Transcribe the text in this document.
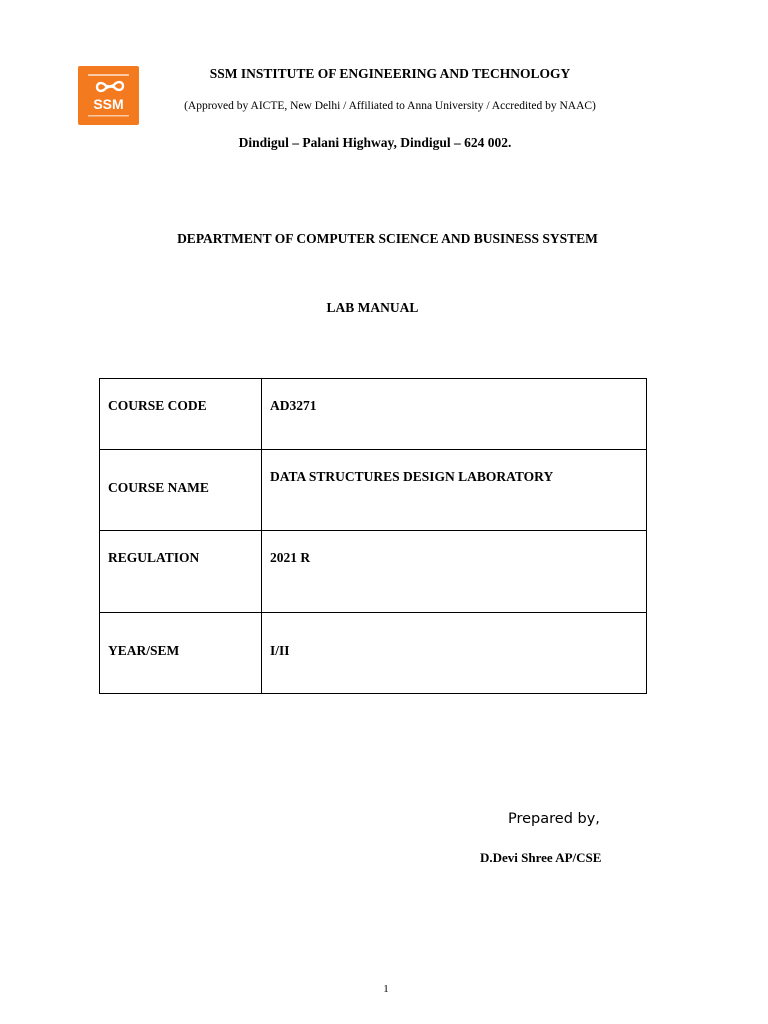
SSM
SSM INSTITUTE OF ENGINEERING AND TECHNOLOGY
(Approved by AICTE, New Delhi / Affiliated to Anna University / Accredited by NAAC)
Dindigul – Palani Highway, Dindigul – 624 002.
DEPARTMENT OF COMPUTER SCIENCE AND BUSINESS SYSTEM
LAB MANUAL
COURSE CODE	AD3271

COURSE NAME	DATA STRUCTURES DESIGN LABORATORY

REGULATION	2021 R

YEAR/SEM	I/II
Prepared by,
D.Devi Shree AP/CSE
1
